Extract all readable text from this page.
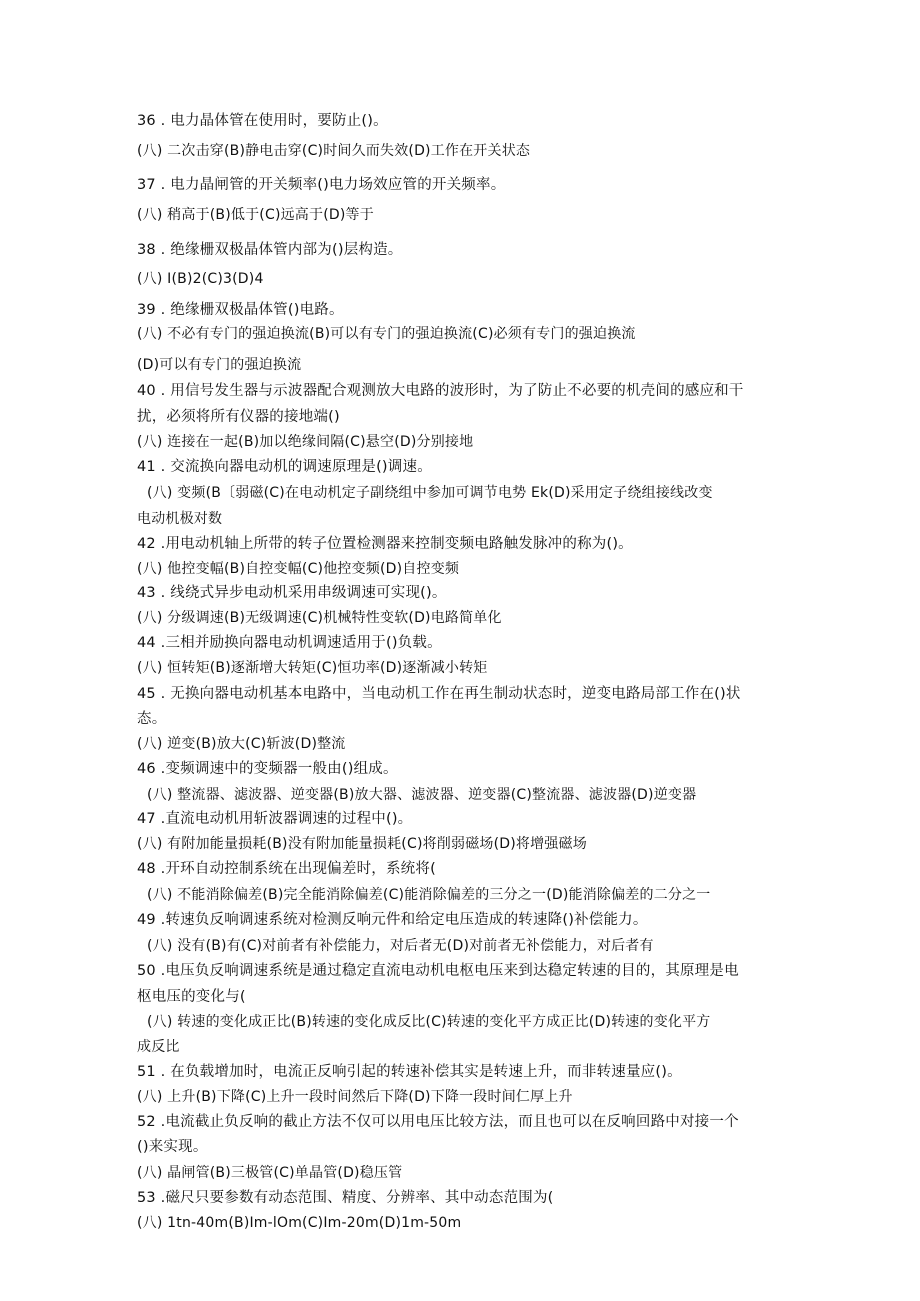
36 . 电力晶体管在使用时，要防止()。
(八) 二次击穿(B)静电击穿(C)时间久而失效(D)工作在开关状态
37 . 电力晶闸管的开关频率()电力场效应管的开关频率。
(八) 稍高于(B)低于(C)远高于(D)等于
38 . 绝缘栅双极晶体管内部为()层构造。
(八) I(B)2(C)3(D)4
39 . 绝缘栅双极晶体管()电路。
(八) 不必有专门的强迫换流(B)可以有专门的强迫换流(C)必须有专门的强迫换流
(D)可以有专门的强迫换流
40 . 用信号发生器与示波器配合观测放大电路的波形时，为了防止不必要的机壳间的感应和干
扰，必须将所有仪器的接地端()
(八) 连接在一起(B)加以绝缘间隔(C)悬空(D)分别接地
41 . 交流换向器电动机的调速原理是()调速。
(八) 变频(B〔弱磁(C)在电动机定子副绕组中参加可调节电势 Ek(D)采用定子绕组接线改变
电动机极对数
42 .用电动机轴上所带的转子位置检测器来控制变频电路触发脉冲的称为()。
(八) 他控变幅(B)自控变幅(C)他控变频(D)自控变频
43 . 线绕式异步电动机采用串级调速可实现()。
(八) 分级调速(B)无级调速(C)机械特性变软(D)电路简单化
44 .三相并励换向器电动机调速适用于()负载。
(八) 恒转矩(B)逐渐增大转矩(C)恒功率(D)逐渐减小转矩
45 . 无换向器电动机基本电路中，当电动机工作在再生制动状态时，逆变电路局部工作在()状
态。
(八) 逆变(B)放大(C)斩波(D)整流
46 .变频调速中的变频器一般由()组成。
(八) 整流器、滤波器、逆变器(B)放大器、滤波器、逆变器(C)整流器、滤波器(D)逆变器
47 .直流电动机用斩波器调速的过程中()。
(八) 有附加能量损耗(B)没有附加能量损耗(C)将削弱磁场(D)将增强磁场
48 .开环自动控制系统在出现偏差时，系统将(
(八) 不能消除偏差(B)完全能消除偏差(C)能消除偏差的三分之一(D)能消除偏差的二分之一
49 .转速负反响调速系统对检测反响元件和给定电压造成的转速降()补偿能力。
(八) 没有(B)有(C)对前者有补偿能力，对后者无(D)对前者无补偿能力，对后者有
50 .电压负反响调速系统是通过稳定直流电动机电枢电压来到达稳定转速的目的，其原理是电
枢电压的变化与(
(八) 转速的变化成正比(B)转速的变化成反比(C)转速的变化平方成正比(D)转速的变化平方
成反比
51 . 在负载增加时，电流正反响引起的转速补偿其实是转速上升，而非转速量应()。
(八) 上升(B)下降(C)上升一段时间然后下降(D)下降一段时间仁厚上升
52 .电流截止负反响的截止方法不仅可以用电压比较方法，而且也可以在反响回路中对接一个
()来实现。
(八) 晶闸管(B)三极管(C)单晶管(D)稳压管
53 .磁尺只要参数有动态范围、精度、分辨率、其中动态范围为(
(八) 1tn-40m(B)Im-lOm(C)Im-20m(D)1m-50m
